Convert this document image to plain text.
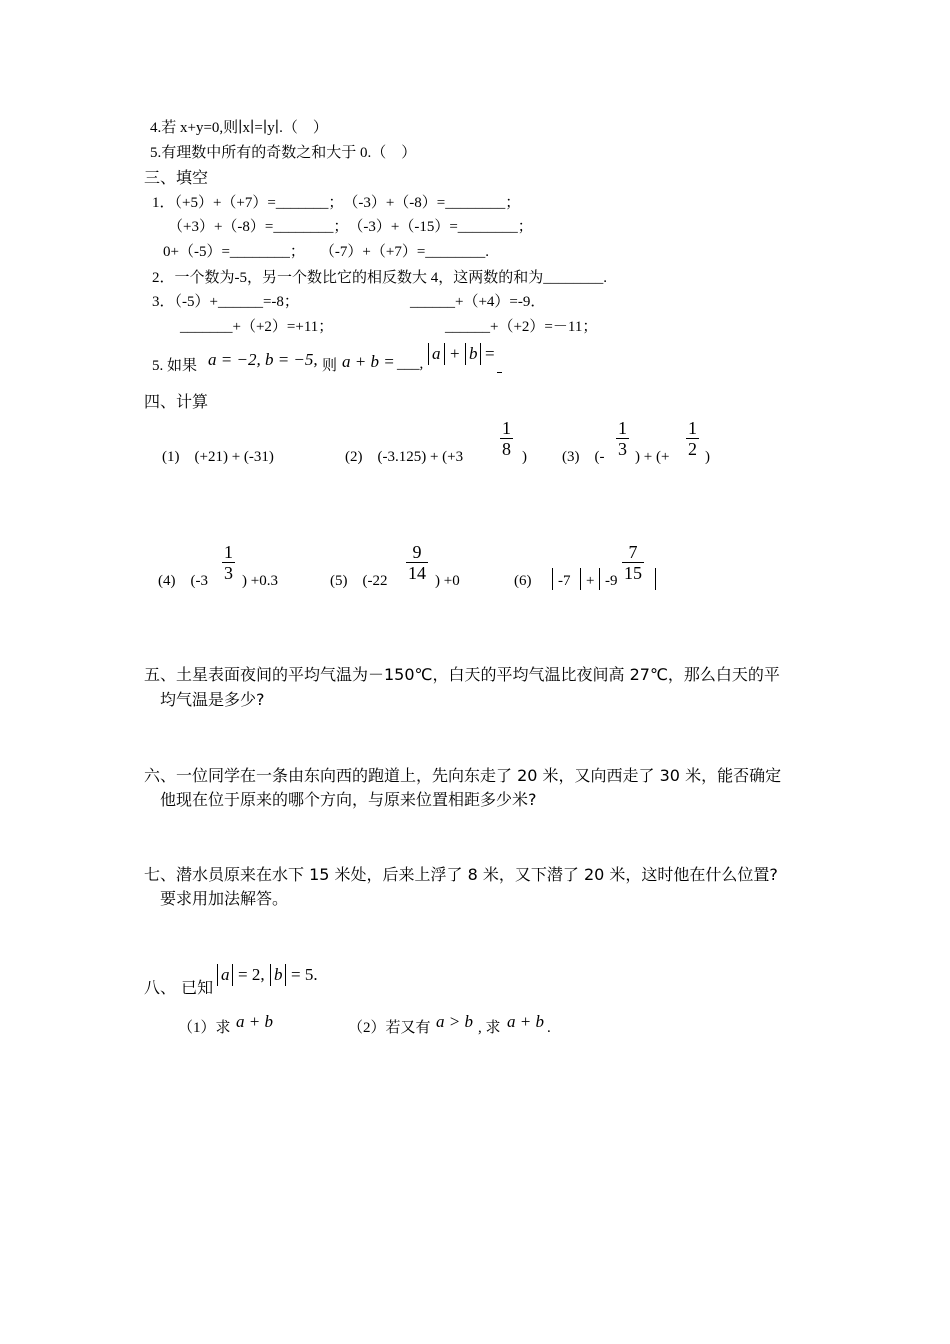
4.若 x+y=0,则∣x∣=∣y∣.（　）
5.有理数中所有的奇数之和大于 0.（　）
三、填空
1．（+5）+（+7）=_______；　（-3）+（-8）=________；
（+3）+（-8）=________；　（-3）+（-15）=________；
0+（-5）=________；　　（-7）+（+7）=________.
2．一个数为-5，另一个数比它的相反数大 4，这两数的和为________.
3．（-5）+______=-8；	______+（+4）=-9．
_______+（+2）=+11；	______+（+2）=－11；
5. 如果 a = −2, b = −5, 则 a + b = ___,
a + b =
四、计算
(1)　(+21) + (-31)	(2)　$(-3.125) + (+3 \frac{1}{8}$ ) (3)　(- $\frac{1}{3}$ ) + (+ $\frac{1}{2}$ )
(4)　($-3 \frac{1}{3}$ ) +0.3	(5)　($-22 \frac{9}{14}$ ) +0	(6) $-7 + -9 \frac{7}{15}$
五、土星表面夜间的平均气温为－150℃，白天的平均气温比夜间高 27℃，那么白天的平
均气温是多少?
六、一位同学在一条由东向西的跑道上，先向东走了 20 米，又向西走了 30 米，能否确定
他现在位于原来的哪个方向，与原来位置相距多少米?
七、潜水员原来在水下 15 米处，后来上浮了 8 米，又下潜了 20 米，这时他在什么位置?
要求用加法解答。
八、 已知
a = 2, b = 5.
（1）求 a + b	（2）若又有 a > b , 求 a + b .
